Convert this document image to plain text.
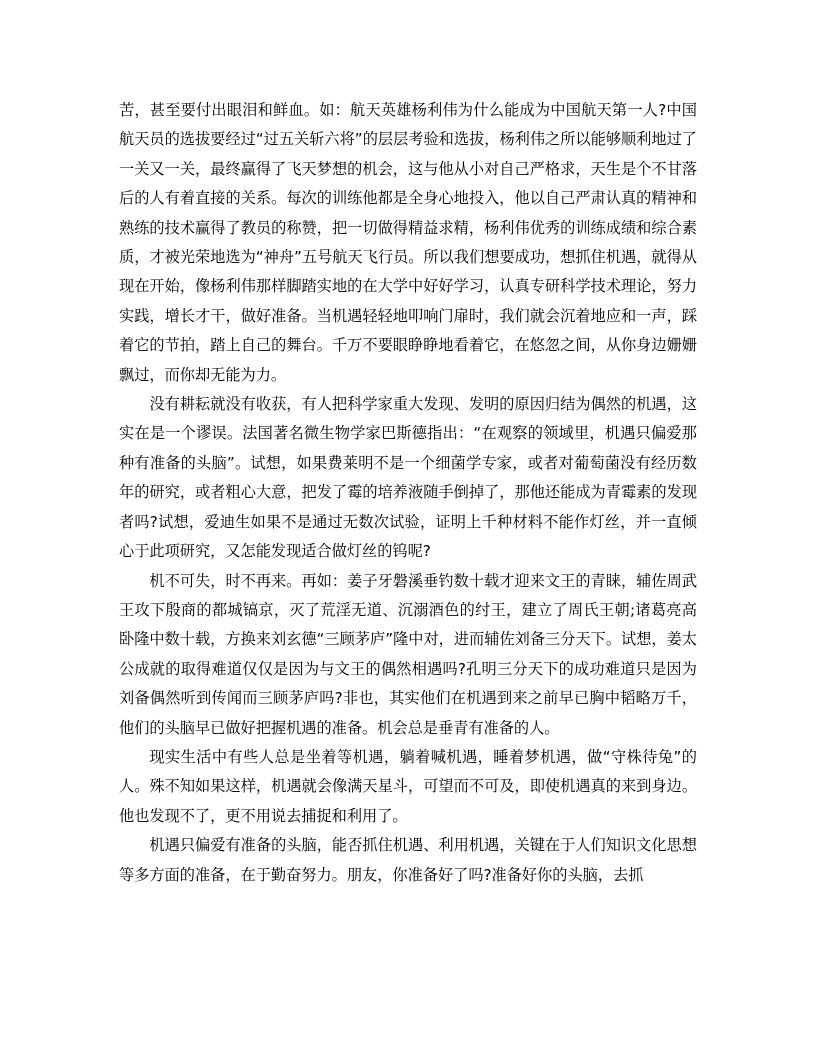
苦，甚至要付出眼泪和鲜血。如：航天英雄杨利伟为什么能成为中国航天第一人?中国航天员的选拔要经过“过五关斩六将”的层层考验和选拔，杨利伟之所以能够顺利地过了一关又一关，最终赢得了飞天梦想的机会，这与他从小对自己严格求，天生是个不甘落后的人有着直接的关系。每次的训练他都是全身心地投入，他以自己严肃认真的精神和熟练的技术赢得了教员的称赞，把一切做得精益求精，杨利伟优秀的训练成绩和综合素质，才被光荣地选为“神舟”五号航天飞行员。所以我们想要成功，想抓住机遇，就得从现在开始，像杨利伟那样脚踏实地的在大学中好好学习，认真专研科学技术理论，努力实践，增长才干，做好准备。当机遇轻轻地叩响门扉时，我们就会沉着地应和一声，踩着它的节拍，踏上自己的舞台。千万不要眼睁睁地看着它，在悠忽之间，从你身边姗姗飘过，而你却无能为力。

没有耕耘就没有收获，有人把科学家重大发现、发明的原因归结为偶然的机遇，这实在是一个谬误。法国著名微生物学家巴斯德指出：“在观察的领域里，机遇只偏爱那种有准备的头脑”。试想，如果费莱明不是一个细菌学专家，或者对葡萄菌没有经历数年的研究，或者粗心大意，把发了霉的培养液随手倒掉了，那他还能成为青霉素的发现者吗?试想，爱迪生如果不是通过无数次试验，证明上千种材料不能作灯丝，并一直倾心于此项研究，又怎能发现适合做灯丝的钨呢?

机不可失，时不再来。再如：姜子牙磐溪垂钓数十载才迎来文王的青睐，辅佐周武王攻下殷商的都城镐京，灭了荒淫无道、沉溺酒色的纣王，建立了周氏王朝;诸葛亮高卧隆中数十载，方换来刘玄德“三顾茅庐”隆中对，进而辅佐刘备三分天下。试想，姜太公成就的取得难道仅仅是因为与文王的偶然相遇吗?孔明三分天下的成功难道只是因为刘备偶然听到传闻而三顾茅庐吗?非也，其实他们在机遇到来之前早已胸中韬略万千，他们的头脑早已做好把握机遇的准备。机会总是垂青有准备的人。

现实生活中有些人总是坐着等机遇，躺着喊机遇，睡着梦机遇，做“守株待兔”的人。殊不知如果这样，机遇就会像满天星斗，可望而不可及，即使机遇真的来到身边。他也发现不了，更不用说去捕捉和利用了。

机遇只偏爱有准备的头脑，能否抓住机遇、利用机遇，关键在于人们知识文化思想等多方面的准备，在于勤奋努力。朋友，你准备好了吗?准备好你的头脑，去抓
